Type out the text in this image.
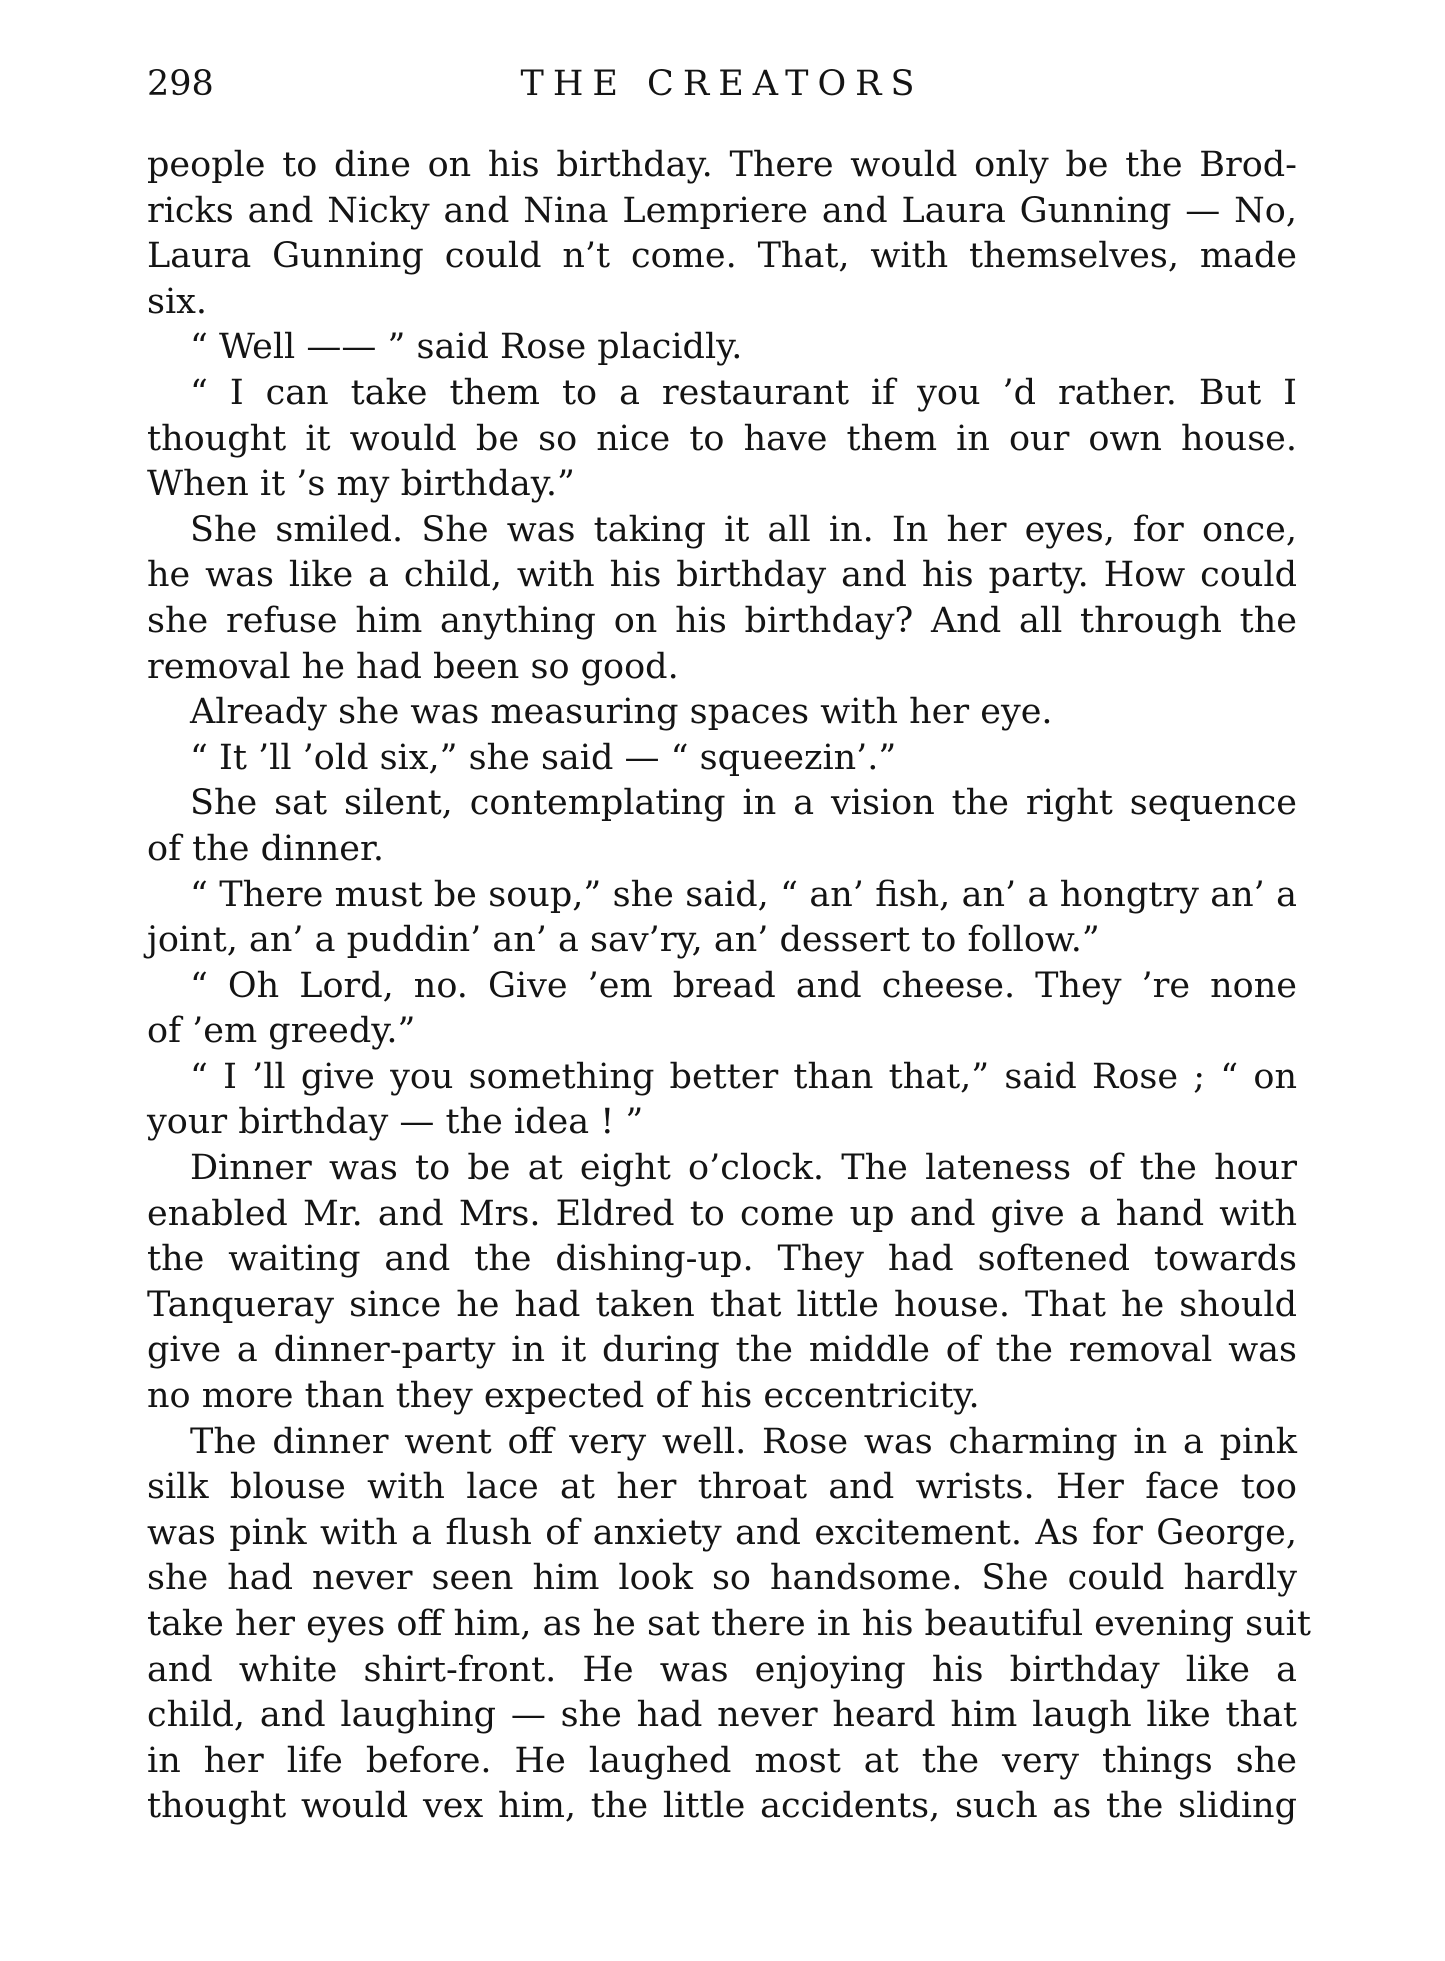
298	THE CREATORS
people to dine on his birthday. There would only be the Brod-
ricks and Nicky and Nina Lempriere and Laura Gunning — No,
Laura Gunning could n’t come. That, with themselves, made
six.
“ Well —— ” said Rose placidly.
“ I can take them to a restaurant if you ’d rather. But I
thought it would be so nice to have them in our own house.
When it ’s my birthday.”
She smiled. She was taking it all in. In her eyes, for once,
he was like a child, with his birthday and his party. How could
she refuse him anything on his birthday? And all through the
removal he had been so good.
Already she was measuring spaces with her eye.
“ It ’ll ’old six,” she said — “ squeezin’.”
She sat silent, contemplating in a vision the right sequence
of the dinner.
“ There must be soup,” she said, “ an’ fish, an’ a hongtry an’ a
joint, an’ a puddin’ an’ a sav’ry, an’ dessert to follow.”
“ Oh Lord, no. Give ’em bread and cheese. They ’re none
of ’em greedy.”
“ I ’ll give you something better than that,” said Rose ; “ on
your birthday — the idea ! ”
Dinner was to be at eight o’clock. The lateness of the hour
enabled Mr. and Mrs. Eldred to come up and give a hand with
the waiting and the dishing-up. They had softened towards
Tanqueray since he had taken that little house. That he should
give a dinner-party in it during the middle of the removal was
no more than they expected of his eccentricity.
The dinner went off very well. Rose was charming in a pink
silk blouse with lace at her throat and wrists. Her face too
was pink with a flush of anxiety and excitement. As for George,
she had never seen him look so handsome. She could hardly
take her eyes off him, as he sat there in his beautiful evening suit
and white shirt-front. He was enjoying his birthday like a
child, and laughing — she had never heard him laugh like that
in her life before. He laughed most at the very things she
thought would vex him, the little accidents, such as the sliding
